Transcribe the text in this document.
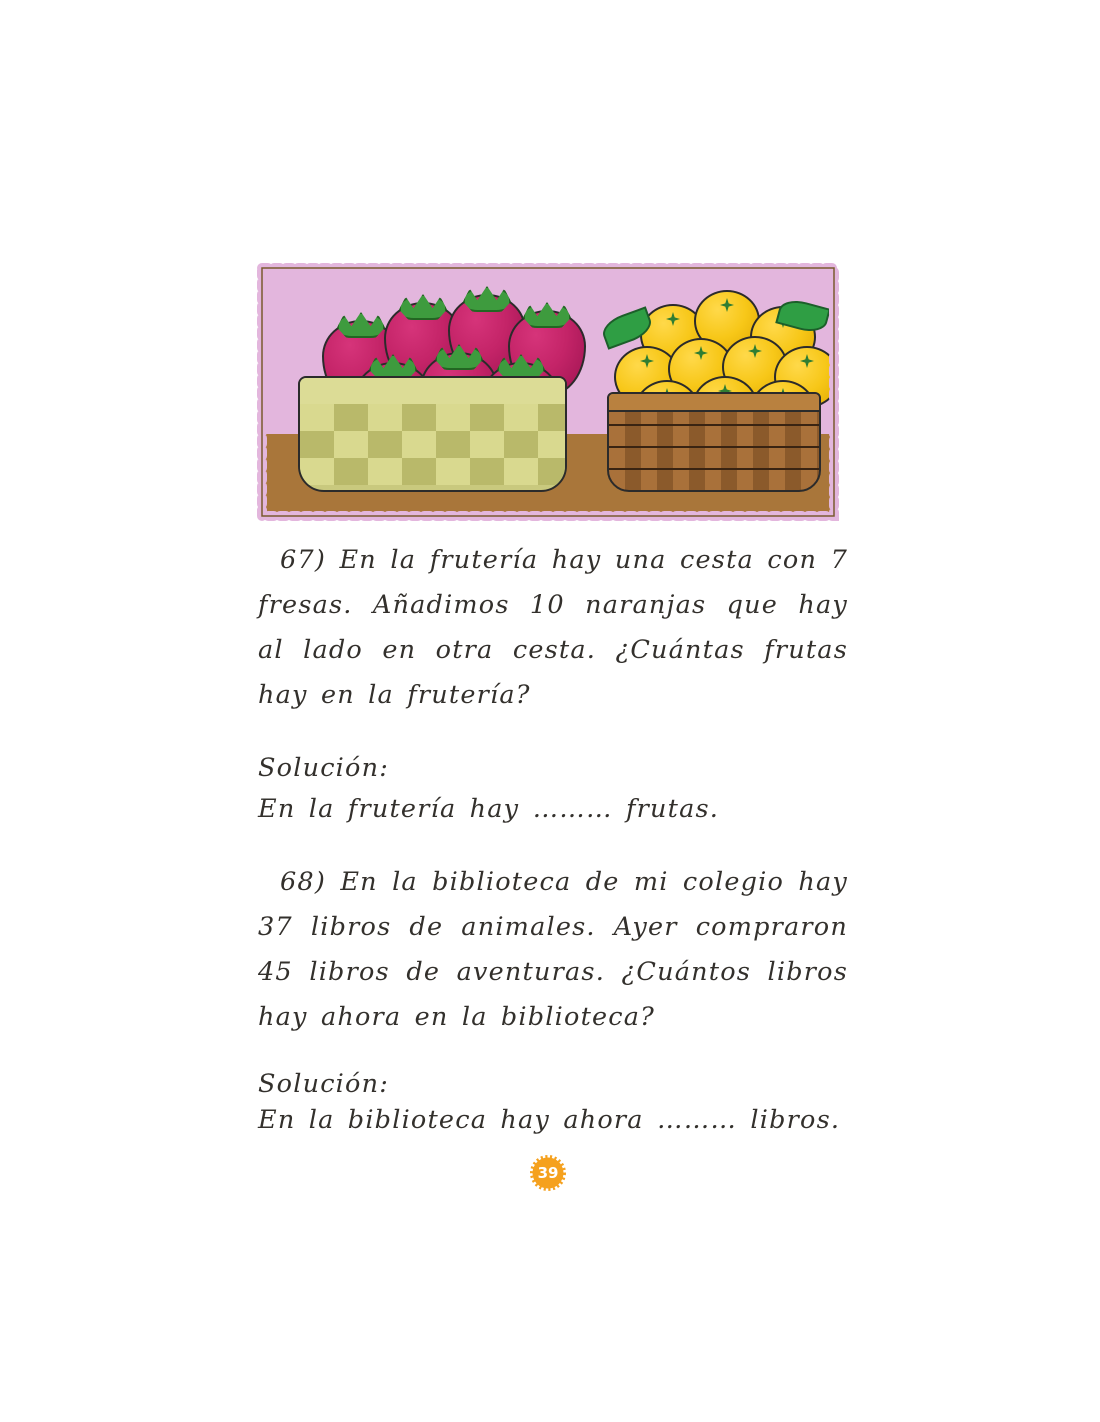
67) En la frutería hay una cesta con 7 fresas. Añadimos 10 naranjas que hay al lado en otra cesta. ¿Cuántas frutas hay en la frutería?
Solución:
En la frutería hay ……… frutas.
68) En la biblioteca de mi colegio hay 37 libros de animales. Ayer compraron 45 libros de aventuras. ¿Cuántos libros hay ahora en la biblioteca?
Solución:
En la biblioteca hay ahora ……… libros.
39
